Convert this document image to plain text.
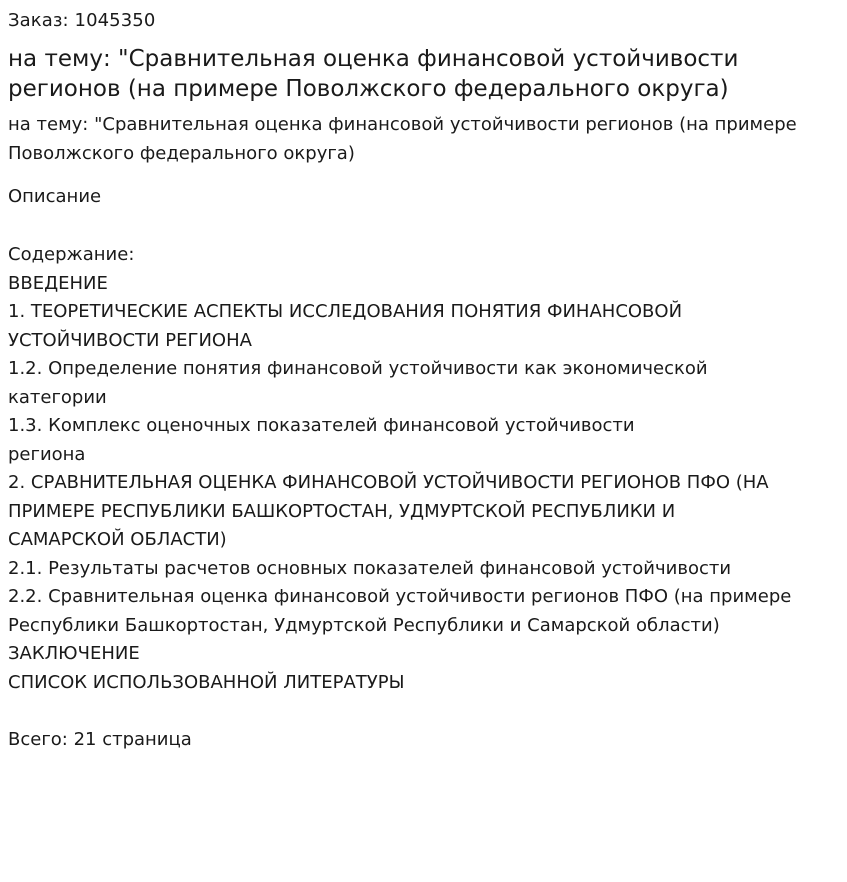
Заказ: 1045350
на тему: "Сравнительная оценка финансовой устойчивости регионов (на примере Поволжского федерального округа)
на тему: "Сравнительная оценка финансовой устойчивости регионов (на примере Поволжского федерального округа)
Описание
Содержание:
ВВЕДЕНИЕ
1. ТЕОРЕТИЧЕСКИЕ АСПЕКТЫ ИССЛЕДОВАНИЯ ПОНЯТИЯ ФИНАНСОВОЙ
УСТОЙЧИВОСТИ РЕГИОНА
1.2. Определение понятия финансовой устойчивости как экономической
категории
1.3. Комплекс оценочных показателей финансовой устойчивости
региона
2. СРАВНИТЕЛЬНАЯ ОЦЕНКА ФИНАНСОВОЙ УСТОЙЧИВОСТИ РЕГИОНОВ ПФО (НА
ПРИМЕРЕ РЕСПУБЛИКИ БАШКОРТОСТАН, УДМУРТСКОЙ РЕСПУБЛИКИ И
САМАРСКОЙ ОБЛАСТИ)
2.1. Результаты расчетов основных показателей финансовой устойчивости
2.2. Сравнительная оценка финансовой устойчивости регионов ПФО (на примере
Республики Башкортостан, Удмуртской Республики и Самарской области)
ЗАКЛЮЧЕНИЕ
СПИСОК ИСПОЛЬЗОВАННОЙ ЛИТЕРАТУРЫ
Всего: 21 страница
